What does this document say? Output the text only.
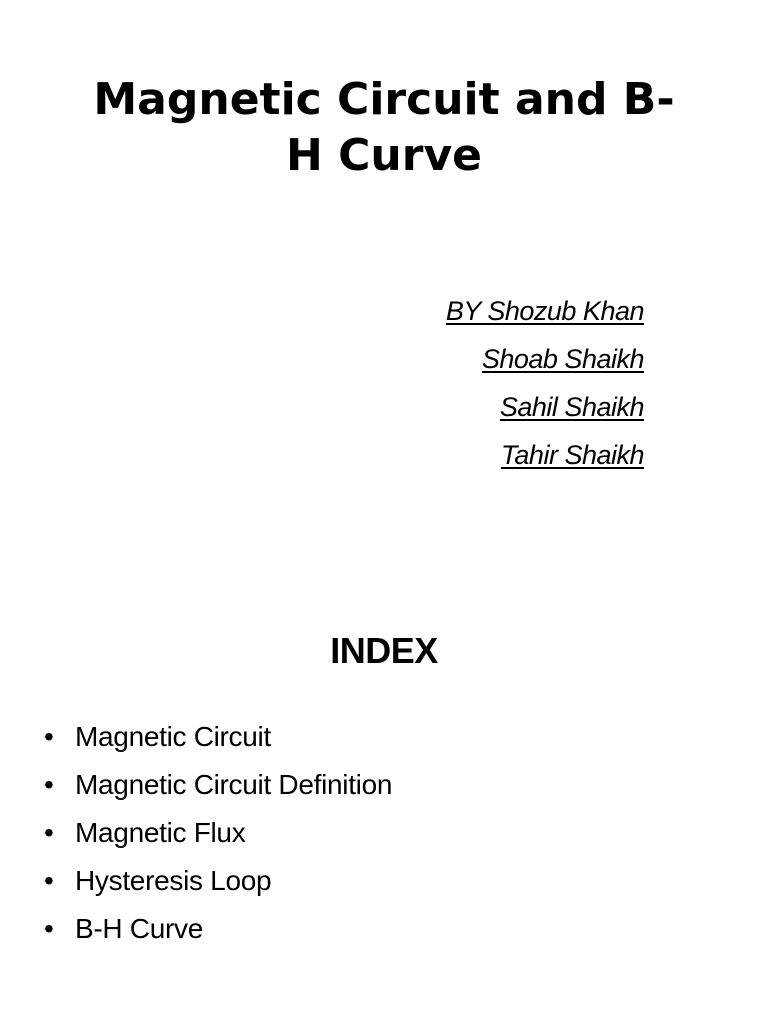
Magnetic Circuit and B-
H Curve
BY Shozub Khan
Shoab Shaikh
Sahil Shaikh
Tahir Shaikh
INDEX
• Magnetic Circuit
• Magnetic Circuit Definition
• Magnetic Flux
• Hysteresis Loop
• B-H Curve
